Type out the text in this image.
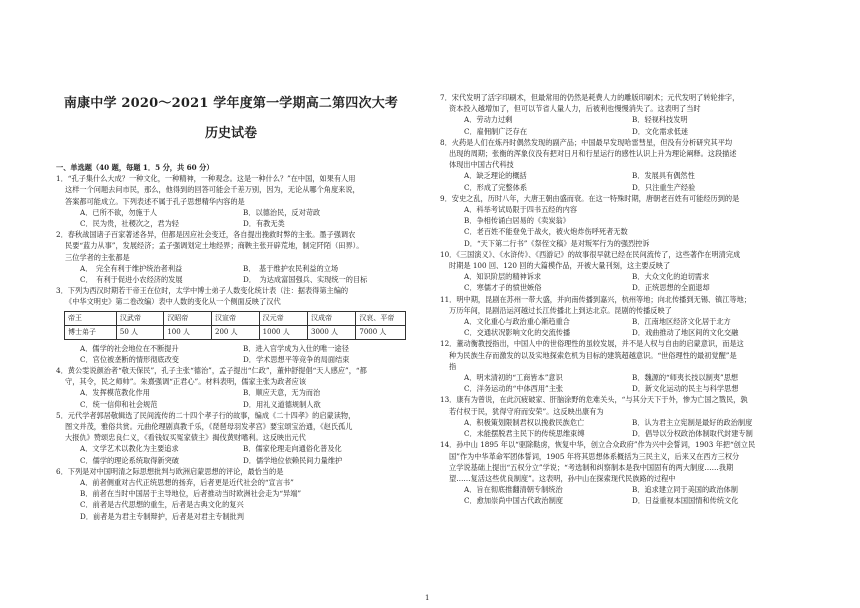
南康中学 2020～2021 学年度第一学期高二第四次大考
历史试卷
一、单选题（40 题，每题 1．5 分，共 60 分）
1．“孔子集什么大成？一种文化，一种精神，一种观念。这是一种什么？”在中国，如果有人用
这样一个问题去问市民，那么，他得到的回答可能会千差万别，因为，无论从哪个角度来说，
答案都可能成立。下列表述不属于孔子思想精华内容的是
A．已所不欲，勿施于人	B．以德治民，反对苛政
C．民为贵，社稷次之，君为轻	D．有教无类
2．春秋战国诸子百家著述各异，但都是因应社会变迁，各自提出挽救时弊的主张。墨子强调农
民要“蓝力从事”，发展经济；孟子强调划定土地经界；商鞅主张开辟荒地，制定阡陌（田界）。
三位学者的主张都是
A．　完全有利于维护统治者利益	B．　基于维护农民利益的立场
C．　有利于促进小农经济的发展	D．　为达成富国强兵、实现统一的目标
3．下列为西汉时期若干帝王在位时，太学中博士弟子人数变化统计表（注：据表得第主编的
《中华文明史》第二卷改编）表中人数的变化从一个侧面反映了汉代
帝王	汉武帝	汉昭帝	汉宣帝	汉元帝	汉成帝	汉哀、平帝
博士弟子	50 人	100 人	200 人	1000 人	3000 人	7000 人
A．儒学的社会地位在不断提升	B．进入官学成为入仕的唯一途径
C．官位被垄断的情形彻底改变	D．学术思想平等竞争的局面结束
4．黄公雯说颜治者“敬天保民”，孔子主张“德治”，孟子提出“仁政”，董仲舒提倡“天人感应”，“都
守，其令，民之师帅”。朱熹强调“正君心”。材料表明，儒家主张为政者应该
A．发挥模范教化作用	B．顺应天意，无为而治
C．统一信仰和社会规范	D．用礼义道德规制人欲
5．元代学者郭居敬辑选了民间流传的二十四个孝子行的故事，编成《二十四孝》的启蒙读物，
图文并茂，雅俗共赏。元曲伦理剧真教千乐，《琵琶母羽发孝宫》要宝颂宝治通，《赵氏孤儿
大报仇》赞颂忠良仁义，《看钱奴买冤家债主》揭伐黄财嗜利。这反映出元代
A．文学艺术以教化为主要追求	B．儒家伦理走向通俗化普及化
C．儒学的理论系统取得新突破	D．儒学地位依赖民间力量维护
6．下列是对中国明清之际思想批判与欧洲启蒙思想的评论，最恰当的是
A．前者侧重对古代正统思想的扬弃，后者更是近代社会的“宣言书”
B．前者在当时中国居于主导地位，后者推动当时欧洲社会走为“异端”
C．前者是古代思想的重生，后者是古典文化的复兴
D．前者是为君主专制辩护，后者是对君主专制批判
7．宋代发明了活字印刷术，但最常用的仍然是耗费人力的雕版印刷术；元代发明了转轮排字，
资本投入越增加了，但可以节省人量人力，后被利也慢慢消失了。这表明了当时
A．劳动力过剩	B．轻视科技发明
C．雇佣制广泛存在	D．文化需求低迷
8．火药是人们在炼丹时偶然发现的副产品；中国最早发现哈雷彗星，但没有分析研究其平均
出现的周期；张衡的浑象仪没有把对日月和行星运行的感性认识上升为理论阐释。这段描述
体现出中国古代科技
A．缺乏理论的概括	B．发展具有偶然性
C．形成了完整体系	D．只注重生产经验
9．安史之乱，历时八年，大唐王朝由盛而衰。在这一特殊时期，唐朝老百姓有可能经历到的是
A．科举考试局限于四书五经的内容
B．争相传诵白居易的《卖炭翁》
C．老百姓不能登免于战火，被火炮炸伤呼死者无数
D．“天下第二行书”《祭侄文稿》是对叛军行为的强烈控诉
10．《三国演义》、《水浒传》、《西游记》的故事很早就已经在民间流传了，这些著作在明清完成
时期是 100 回、120 回的大篇模作品，开被大量刊刻，这主要反映了
A．知识阶层的精神诉求	B．大众文化的迫切需求
C．寒儒才子的愤世嫉俗	D．正统思想的全面退却
11．明中期，昆剧在苏州一带大盛，并向南传播到嘉兴，杭州等地；向北传播到无锡、镇江等地；
万历年间，昆剧沿运河越过长江传播北上到达北京。昆剧的传播反映了
A．文化重心与政治重心渐趋重合	B．江南地区经济文化居于北方
C．交通状况影响文化的交流传播	D．戏曲推动了地区间的文化交融
12．董动衡教授指出，中国人中的世俗理性的虽较发展，并不是人权与自由的启蒙意识，而是这
种为民族生存而激发的以及实地探索危机为目标的建筑超越意识。“世俗理性的最初觉醒”是
指
A．明末清初的“工商皆本”意识	B．魏源的“师夷长技以制夷”思想
C．洋务运动的“中体西用”主张	D．新文化运动的民主与科学思想
13．康有为曾说，在此沉疲破家、肝脑涂野的危难关头，“与其分天下于外，惨为亡国之戮民，孰
若付权于民，犹得守府而安荣”。这反映出康有为
A．积极策划限制君权以挽救民族危亡	B．认为君主立宪制是最好的政治制度
C．未能摆脱君主民下的传统思维束缚	D．倡导以分权政治体制取代封建专制
14．孙中山 1895 年以“驱除鞑虏，恢复中华，创立合众政府”作为兴中会誓词，1903 年把“创立民
国”作为中华革命军团体誓词，1905 年将其思想体系概括为三民主义，后来又在西方三权分
立学说基础上提出“五权分立”学说；“考选制和纠察制本是我中国固有的两大制度……我期
望……复活这些优良制度”。这表明，孙中山在探索现代民族路的过程中
A．旨在彻底推翻清朝专制统治	B．追求建立同于美国的政治体制
C．愈加崇尚中国古代政治制度	D．日益重视本国国情和传统文化
1
